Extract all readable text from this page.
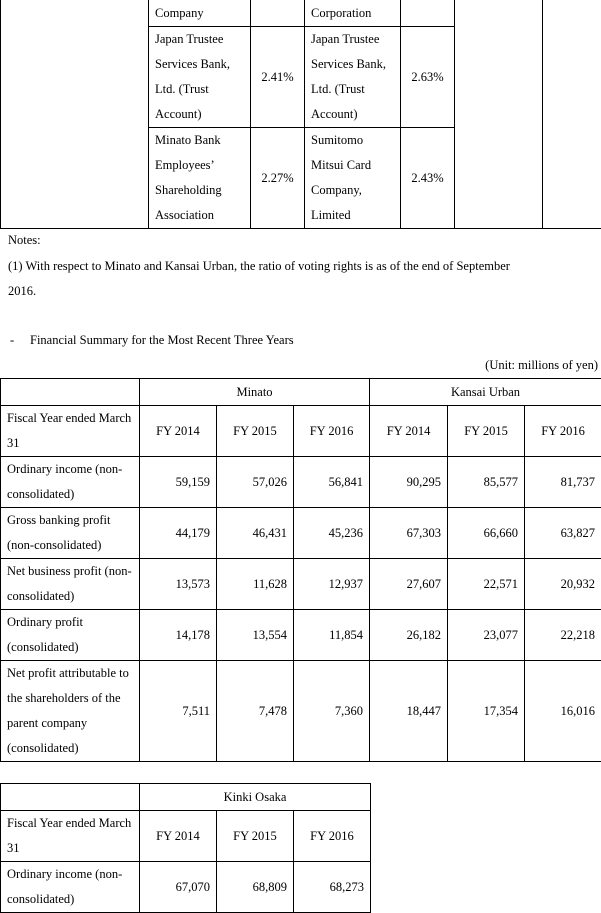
	Company		Corporation			
	Japan Trustee Services Bank, Ltd. (Trust Account)	2.41%	Japan Trustee Services Bank, Ltd. (Trust Account)	2.63%		
	Minato Bank Employees’ Shareholding Association	2.27%	Sumitomo Mitsui Card Company, Limited	2.43%		
Notes:
(1) With respect to Minato and Kansai Urban, the ratio of voting rights is as of the end of September
2016.
- Financial Summary for the Most Recent Three Years
(Unit: millions of yen)
	Minato			Kansai Urban		
Fiscal Year ended March 31	FY 2014	FY 2015	FY 2016	FY 2014	FY 2015	FY 2016
Ordinary income (non-consolidated)	59,159	57,026	56,841	90,295	85,577	81,737
Gross banking profit (non-consolidated)	44,179	46,431	45,236	67,303	66,660	63,827
Net business profit (non-consolidated)	13,573	11,628	12,937	27,607	22,571	20,932
Ordinary profit (consolidated)	14,178	13,554	11,854	26,182	23,077	22,218
Net profit attributable to the shareholders of the parent company (consolidated)	7,511	7,478	7,360	18,447	17,354	16,016
	Kinki Osaka		
Fiscal Year ended March 31	FY 2014	FY 2015	FY 2016
Ordinary income (non-consolidated)	67,070	68,809	68,273
